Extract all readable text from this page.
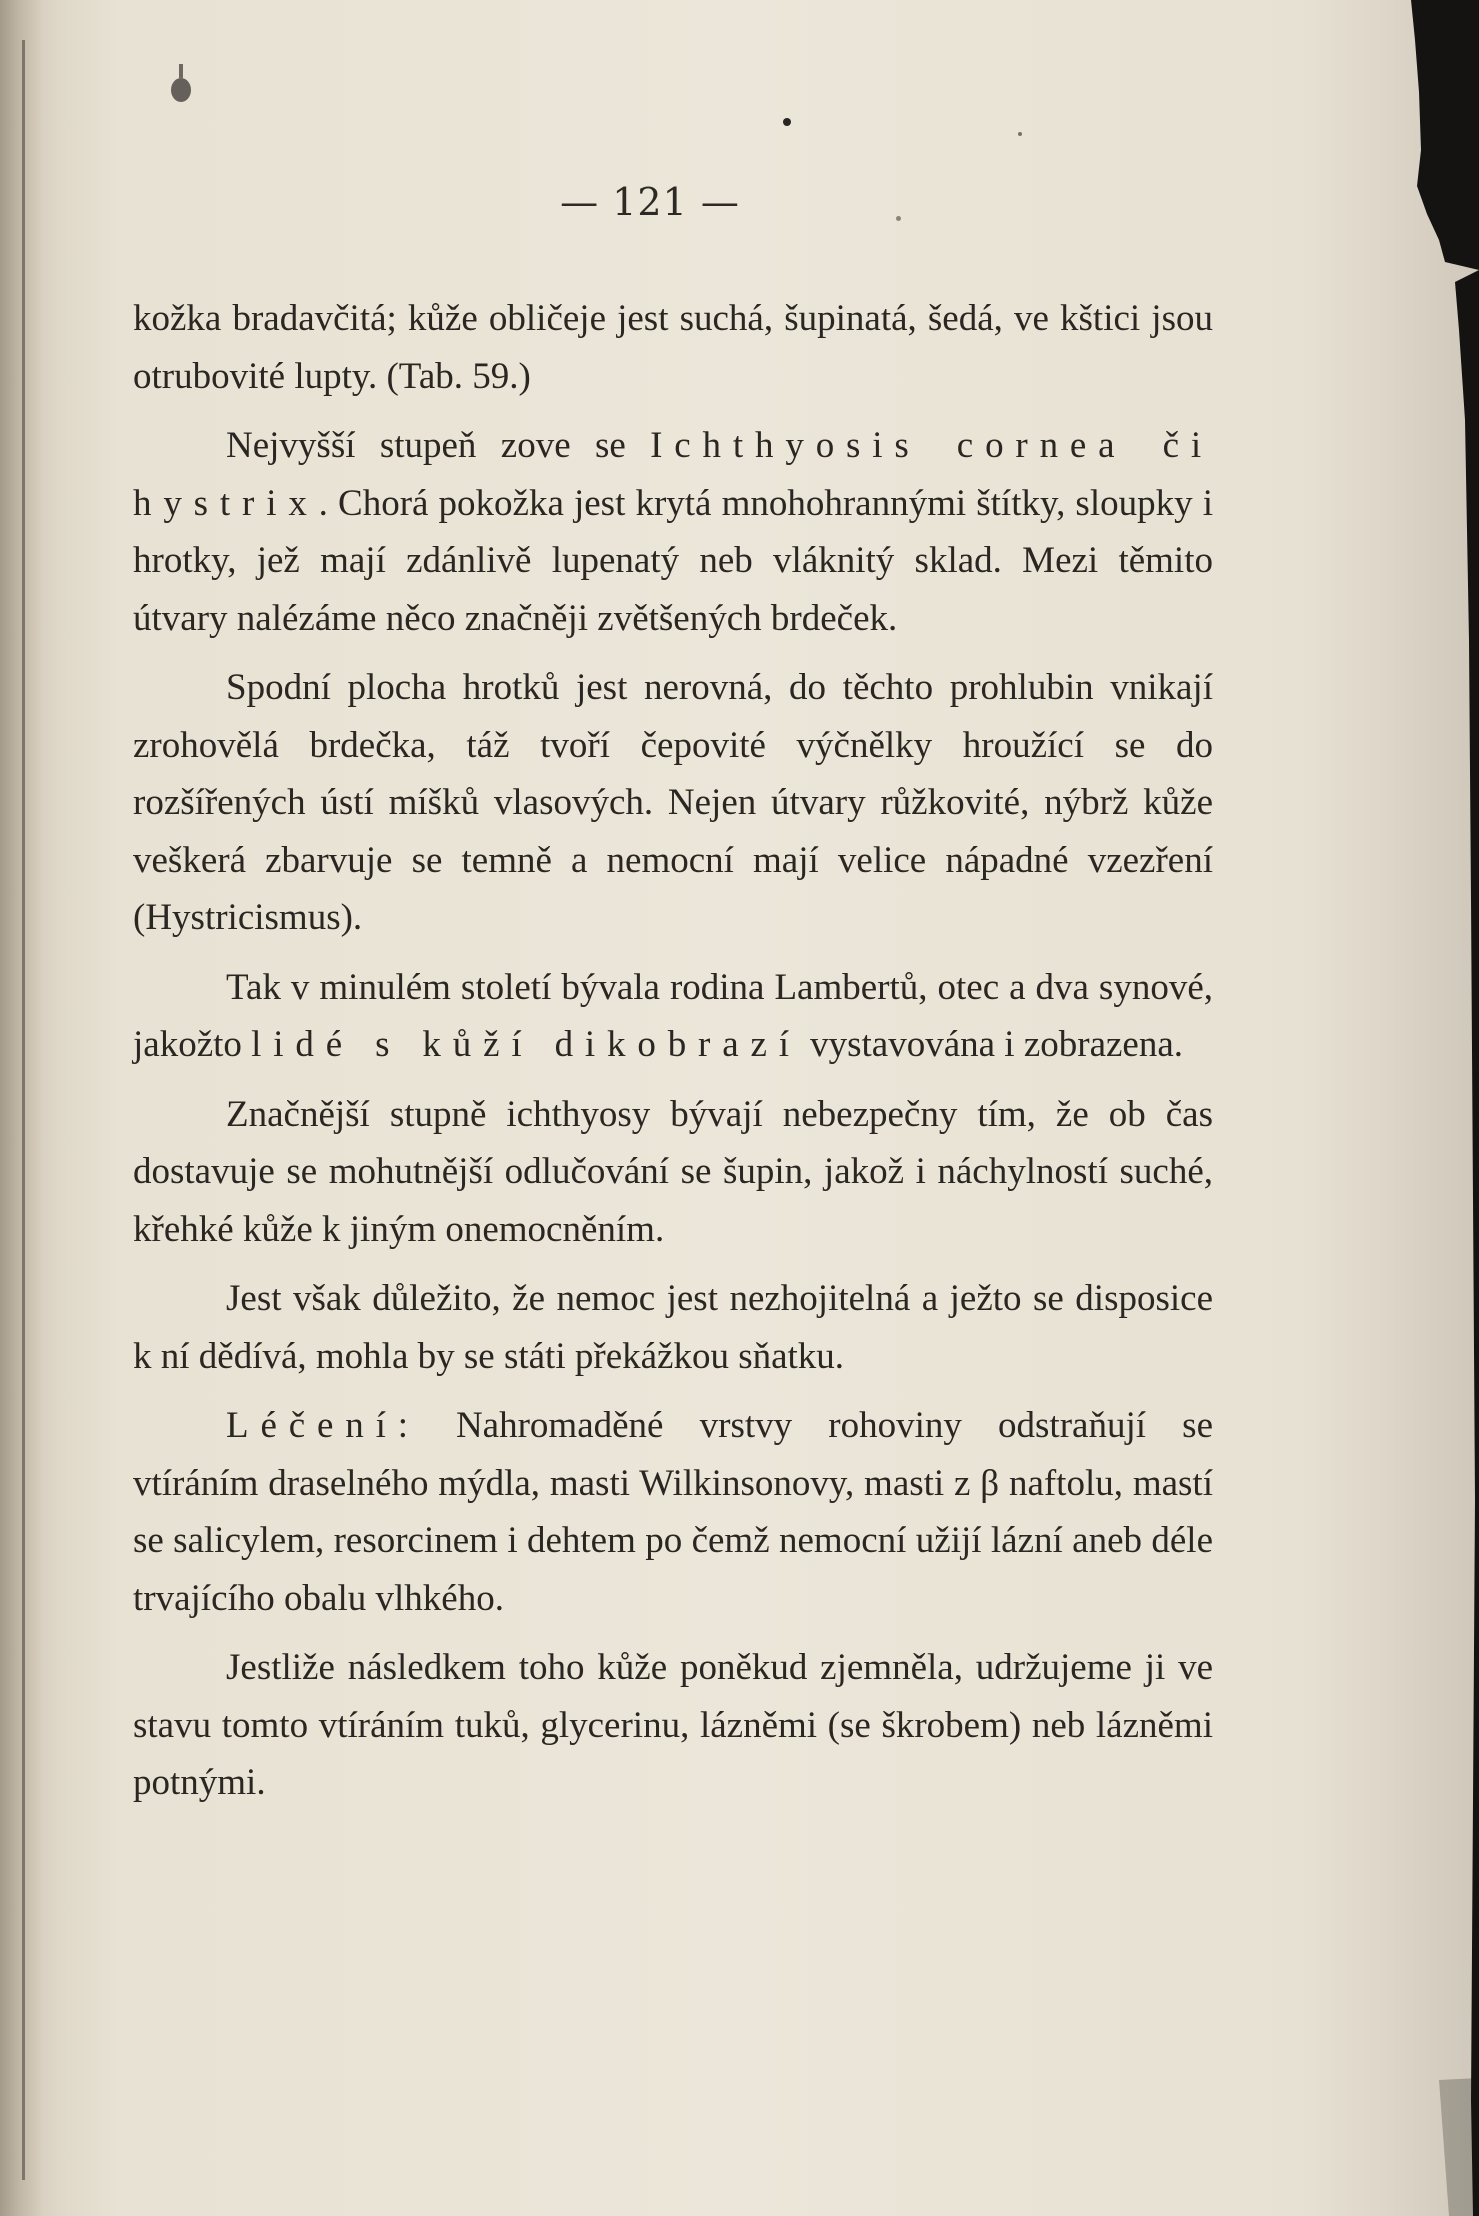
— 121 —

kožka bradavčitá; kůže obličeje jest suchá, šupinatá, šedá, ve kštici jsou otrubovité lupty. (Tab. 59.)

Nejvyšší stupeň zove se Ichthyosis cornea či hystrix. Chorá pokožka jest krytá mnohohrannými štítky, sloupky i hrotky, jež mají zdánlivě lupenatý neb vláknitý sklad. Mezi těmito útvary nalézáme něco značněji zvětšených brdeček.

Spodní plocha hrotků jest nerovná, do těchto prohlubin vnikají zrohovělá brdečka, táž tvoří čepovité výčnělky hroužící se do rozšířených ústí míšků vlasových. Nejen útvary růžkovité, nýbrž kůže veškerá zbarvuje se temně a nemocní mají velice nápadné vzezření (Hystricismus).

Tak v minulém století bývala rodina Lambertů, otec a dva synové, jakožto lidé s kůží dikobrazí vystavována i zobrazena.

Značnější stupně ichthyosy bývají nebezpečny tím, že ob čas dostavuje se mohutnější odlučování se šupin, jakož i náchylností suché, křehké kůže k jiným onemocněním.

Jest však důležito, že nemoc jest nezhojitelná a ježto se disposice k ní dědívá, mohla by se státi překážkou sňatku.

Léčení: Nahromaděné vrstvy rohoviny odstraňují se vtíráním draselného mýdla, masti Wilkinsonovy, masti z β naftolu, mastí se salicylem, resorcinem i dehtem po čemž nemocní užijí lázní aneb déle trvajícího obalu vlhkého.

Jestliže následkem toho kůže poněkud zjemněla, udržujeme ji ve stavu tomto vtíráním tuků, glycerinu, lázněmi (se škrobem) neb lázněmi potnými.
